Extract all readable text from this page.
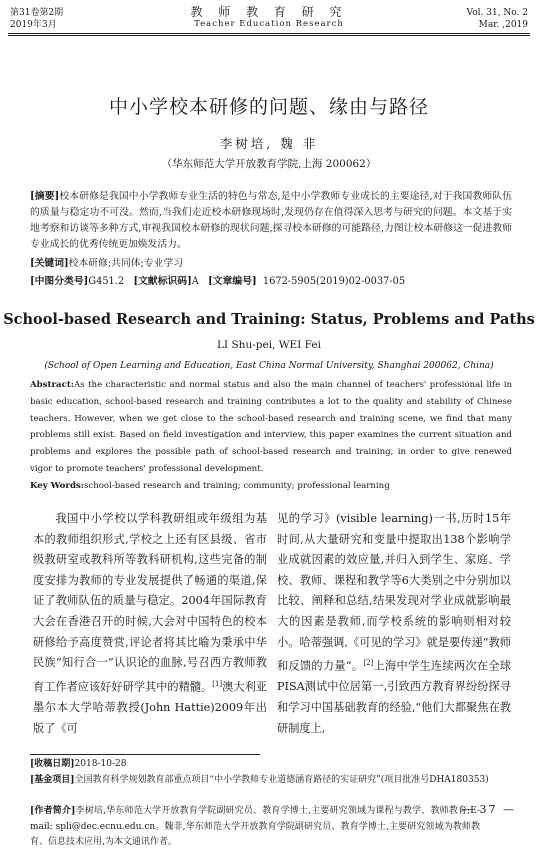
第31卷第2期
2019年3月
教 师 教 育 研 究
Teacher Education Research
Vol. 31, No. 2
Mar. ,2019
中小学校本研修的问题、缘由与路径
李树培, 魏 非
（华东师范大学开放教育学院,上海 200062）
[摘要]校本研修是我国中小学教师专业生活的特色与常态,是中小学教师专业成长的主要途径,对于我国教师队伍的质量与稳定功不可没。然而,当我们走近校本研修现场时,发现仍存在值得深入思考与研究的问题。本文基于实地考察和访谈等多种方式,审视我国校本研修的现状问题,探寻校本研修的可能路径,力图让校本研修这一促进教师专业成长的优秀传统更加焕发活力。
[关键词]校本研修;共同体;专业学习
[中图分类号]G451.2 [文献标识码]A [文章编号] 1672-5905(2019)02-0037-05
School-based Research and Training: Status, Problems and Paths
LI Shu-pei, WEI Fei
(School of Open Learning and Education, East China Normal University, Shanghai 200062, China)
Abstract:As the characteristic and normal status and also the main channel of teachers' professional life in basic education, school-based research and training contributes a lot to the quality and stability of Chinese teachers. However, when we get close to the school-based research and training scene, we find that many problems still exist. Based on field investigation and interview, this paper examines the current situation and problems and explores the possible path of school-based research and training, in order to give renewed vigor to promote teachers' professional development.
Key Words:school-based research and training; community; professional learning
我国中小学校以学科教研组或年级组为基本的教师组织形式,学校之上还有区县级、省市级教研室或教科所等教科研机构,这些完备的制度安排为教师的专业发展提供了畅通的渠道,保证了教师队伍的质量与稳定。2004年国际教育大会在香港召开的时候,大会对中国特色的校本研修给予高度赞赏,评论者将其比喻为秉承中华民族“知行合一”认识论的血脉,号召西方教师教育工作者应该好好研学其中的精髓。[1]澳大利亚墨尔本大学哈蒂教授(John Hattie)2009年出版了《可
见的学习》(visible learning)一书,历时15年时间,从大量研究和变量中提取出138个影响学业成就因素的效应量,并归入到学生、家庭、学校、教师、课程和教学等6大类别之中分别加以比较、阐释和总结,结果发现对学业成就影响最大的因素是教师,而学校系统的影响则相对较小。哈蒂强调,《可见的学习》就是要传递“教师和反馈的力量”。[2]上海中学生连续两次在全球PISA测试中位居第一,引致西方教育界纷纷探寻和学习中国基础教育的经验,“他们大都聚焦在教研制度上,
[收稿日期]2018-10-28
[基金项目]全国教育科学规划教育部重点项目“中小学教师专业道德涵育路径的实证研究”(项目批准号DHA180353)
[作者简介]李树培,华东师范大学开放教育学院副研究员、教育学博士,主要研究领域为课程与教学、教师教育;E-mail: spli@dec.ecnu.edu.cn。魏非,华东师范大学开放教育学院副研究员、教育学博士,主要研究领域为教师教育、信息技术应用,为本文通讯作者。
— 37 —
